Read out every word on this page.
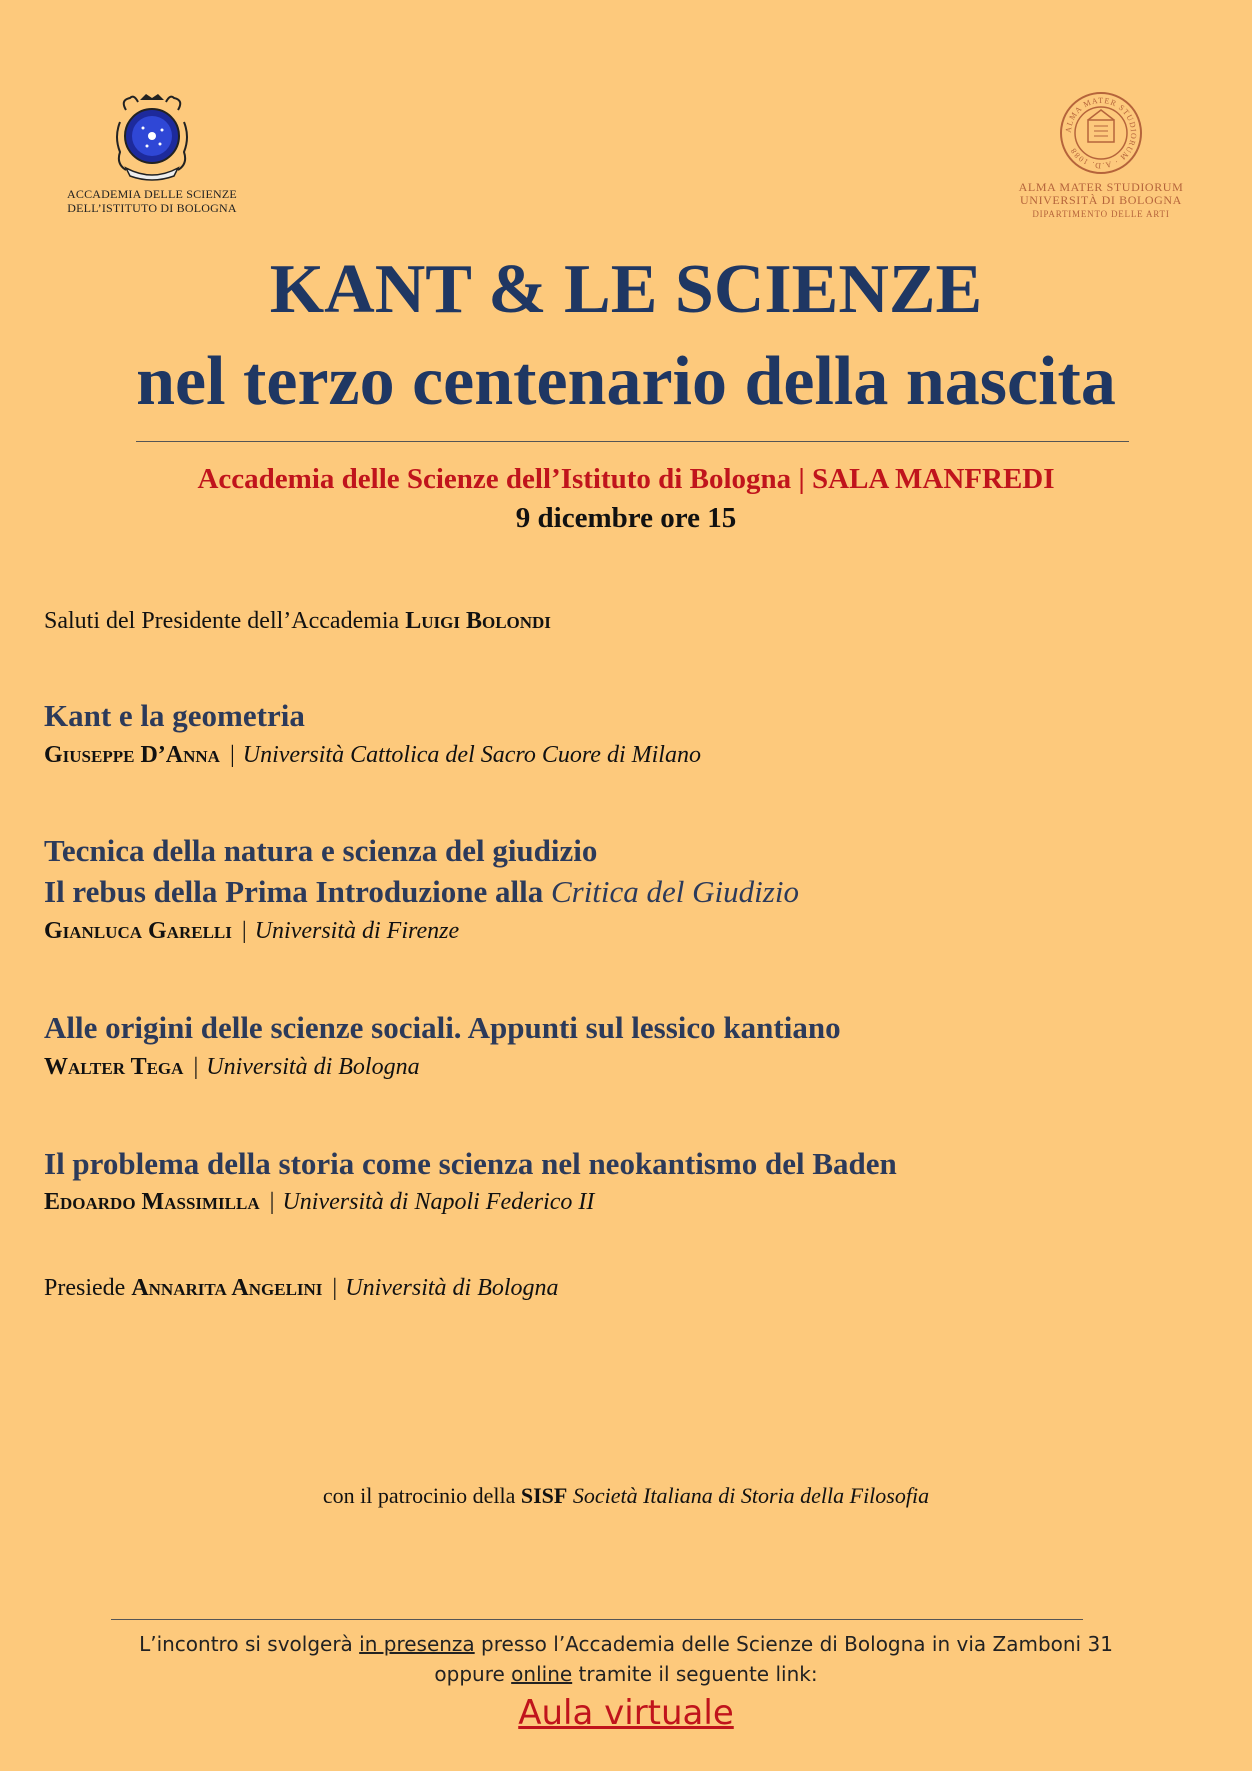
ACCADEMIA DELLE SCIENZE
DELL’ISTITUTO DI BOLOGNA
ALMA MATER STUDIORUM · A.D. 1088
ALMA MATER STUDIORUM
UNIVERSITÀ DI BOLOGNA
DIPARTIMENTO DELLE ARTI
KANT & LE SCIENZE
nel terzo centenario della nascita
Accademia delle Scienze dell’Istituto di Bologna | SALA MANFREDI
9 dicembre ore 15
Saluti del Presidente dell’Accademia Luigi Bolondi
Kant e la geometria
Giuseppe D’Anna | Università Cattolica del Sacro Cuore di Milano
Tecnica della natura e scienza del giudizio
Il rebus della Prima Introduzione alla Critica del Giudizio
Gianluca Garelli | Università di Firenze
Alle origini delle scienze sociali. Appunti sul lessico kantiano
Walter Tega | Università di Bologna
Il problema della storia come scienza nel neokantismo del Baden
Edoardo Massimilla | Università di Napoli Federico II
Presiede Annarita Angelini | Università di Bologna
con il patrocinio della SISF Società Italiana di Storia della Filosofia
L’incontro si svolgerà in presenza presso l’Accademia delle Scienze di Bologna in via Zamboni 31
oppure online tramite il seguente link:
Aula virtuale
